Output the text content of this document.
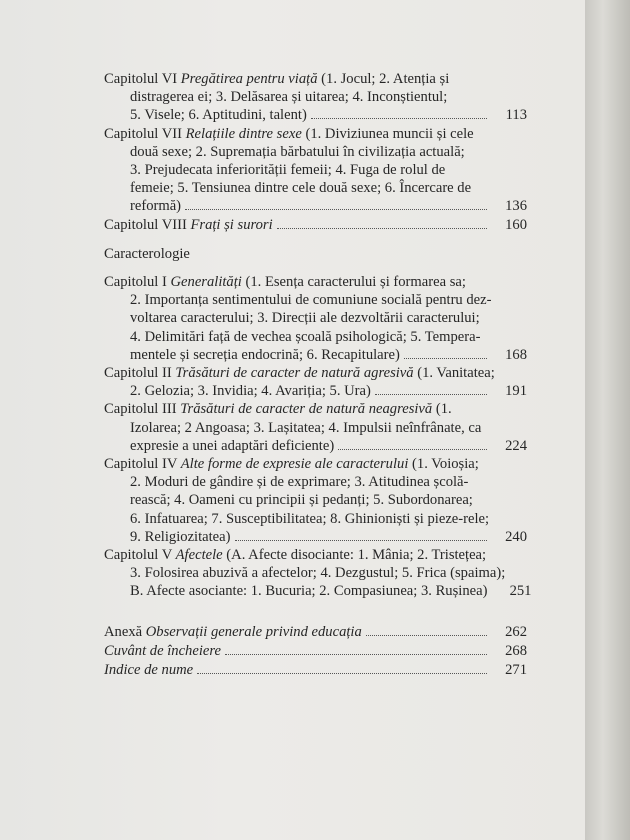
Capitolul VI Pregătirea pentru viață (1. Jocul; 2. Atenția și
distragerea ei; 3. Delăsarea și uitarea; 4. Inconștientul;
5. Visele; 6. Aptitudini, talent)	113
Capitolul VII Relațiile dintre sexe (1. Diviziunea muncii și cele
două sexe; 2. Supremația bărbatului în civilizația actuală;
3. Prejudecata inferiorității femeii; 4. Fuga de rolul de
femeie; 5. Tensiunea dintre cele două sexe; 6. Încercare de
reformă)	136
Capitolul VIII Frați și surori	160
Caracterologie
Capitolul I Generalități (1. Esența caracterului și formarea sa;
2. Importanța sentimentului de comuniune socială pentru dez-
voltarea caracterului; 3. Direcții ale dezvoltării caracterului;
4. Delimitări față de vechea școală psihologică; 5. Tempera-
mentele și secreția endocrină; 6. Recapitulare)	168
Capitolul II Trăsături de caracter de natură agresivă (1. Vanitatea;
2. Gelozia; 3. Invidia; 4. Avariția; 5. Ura)	191
Capitolul III Trăsături de caracter de natură neagresivă (1.
Izolarea; 2 Angoasa; 3. Lașitatea; 4. Impulsii neînfrânate, ca
expresie a unei adaptări deficiente)	224
Capitolul IV Alte forme de expresie ale caracterului (1. Voioșia;
2. Moduri de gândire și de exprimare; 3. Atitudinea școlă-
rească; 4. Oameni cu principii și pedanți; 5. Subordonarea;
6. Infatuarea; 7. Susceptibilitatea; 8. Ghinioniști și pieze-rele;
9. Religiozitatea)	240
Capitolul V Afectele (A. Afecte disociante: 1. Mânia; 2. Tristețea;
3. Folosirea abuzivă a afectelor; 4. Dezgustul; 5. Frica (spaima);
B. Afecte asociante: 1. Bucuria; 2. Compasiunea; 3. Rușinea)	251
Anexă Observații generale privind educația	262
Cuvânt de încheiere	268
Indice de nume	271
